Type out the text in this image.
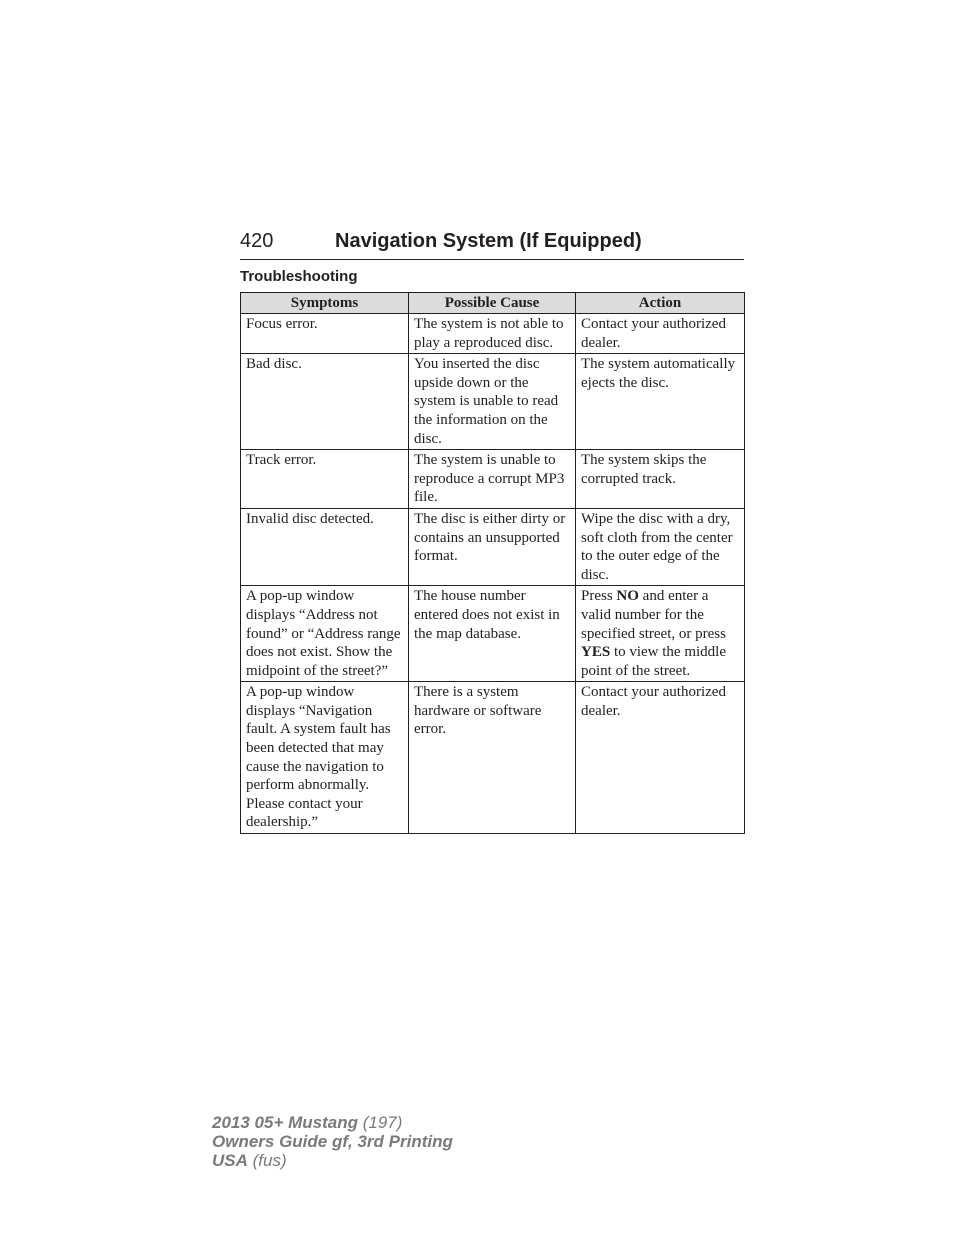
420	Navigation System (If Equipped)
Troubleshooting
Symptoms	Possible Cause	Action
Focus error.	The system is not able to play a reproduced disc.	Contact your authorized dealer.
Bad disc.	You inserted the disc upside down or the system is unable to read the information on the disc.	The system automatically ejects the disc.
Track error.	The system is unable to reproduce a corrupt MP3 file.	The system skips the corrupted track.
Invalid disc detected.	The disc is either dirty or contains an unsupported format.	Wipe the disc with a dry, soft cloth from the center to the outer edge of the disc.
A pop-up window displays “Address not found” or “Address range does not exist. Show the midpoint of the street?”	The house number entered does not exist in the map database.	Press NO and enter a valid number for the specified street, or press YES to view the middle point of the street.
A pop-up window displays “Navigation fault. A system fault has been detected that may cause the navigation to perform abnormally. Please contact your dealership.”	There is a system hardware or software error.	Contact your authorized dealer.
2013 05+ Mustang (197)
Owners Guide gf, 3rd Printing
USA (fus)
